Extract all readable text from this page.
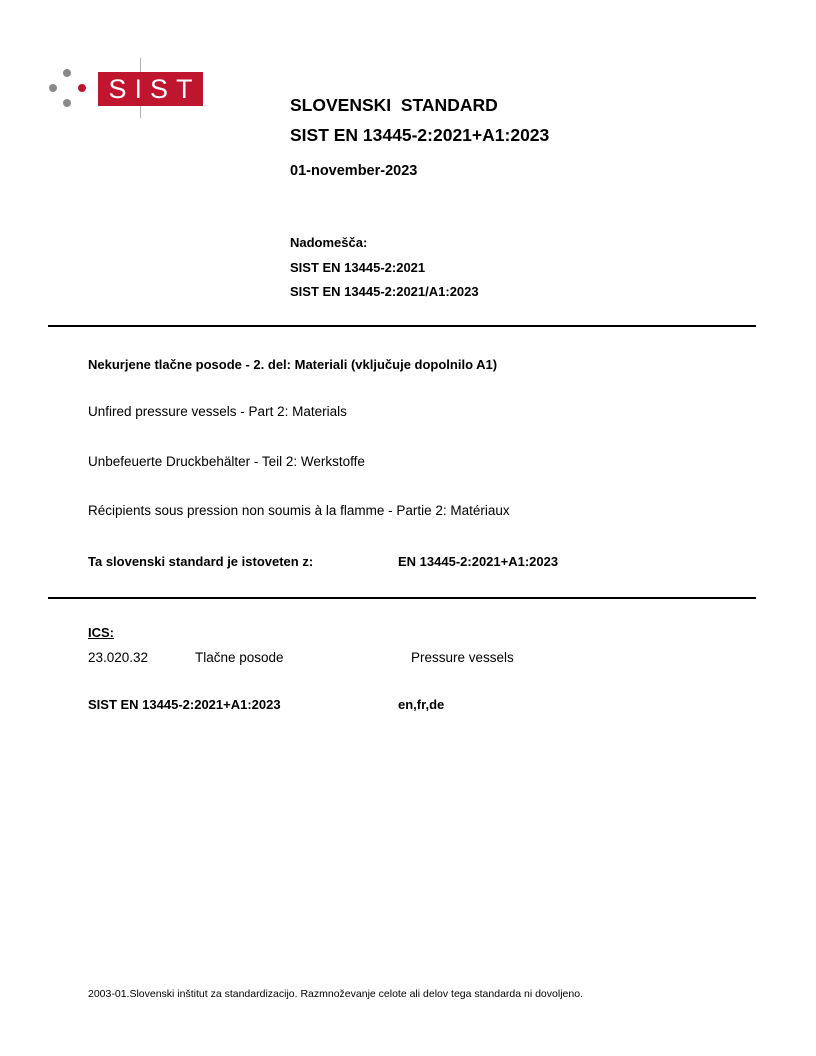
SIST
SLOVENSKI  STANDARD
SIST EN 13445-2:2021+A1:2023
01-november-2023
Nadomešča:
SIST EN 13445-2:2021
SIST EN 13445-2:2021/A1:2023
Nekurjene tlačne posode - 2. del: Materiali (vključuje dopolnilo A1)
Unfired pressure vessels - Part 2: Materials
Unbefeuerte Druckbehälter - Teil 2: Werkstoffe
Récipients sous pression non soumis à la flamme - Partie 2: Matériaux
Ta slovenski standard je istoveten z:	EN 13445-2:2021+A1:2023
ICS:
23.020.32	Tlačne posode	Pressure vessels
SIST EN 13445-2:2021+A1:2023	en,fr,de
2003-01.Slovenski inštitut za standardizacijo. Razmnoževanje celote ali delov tega standarda ni dovoljeno.
